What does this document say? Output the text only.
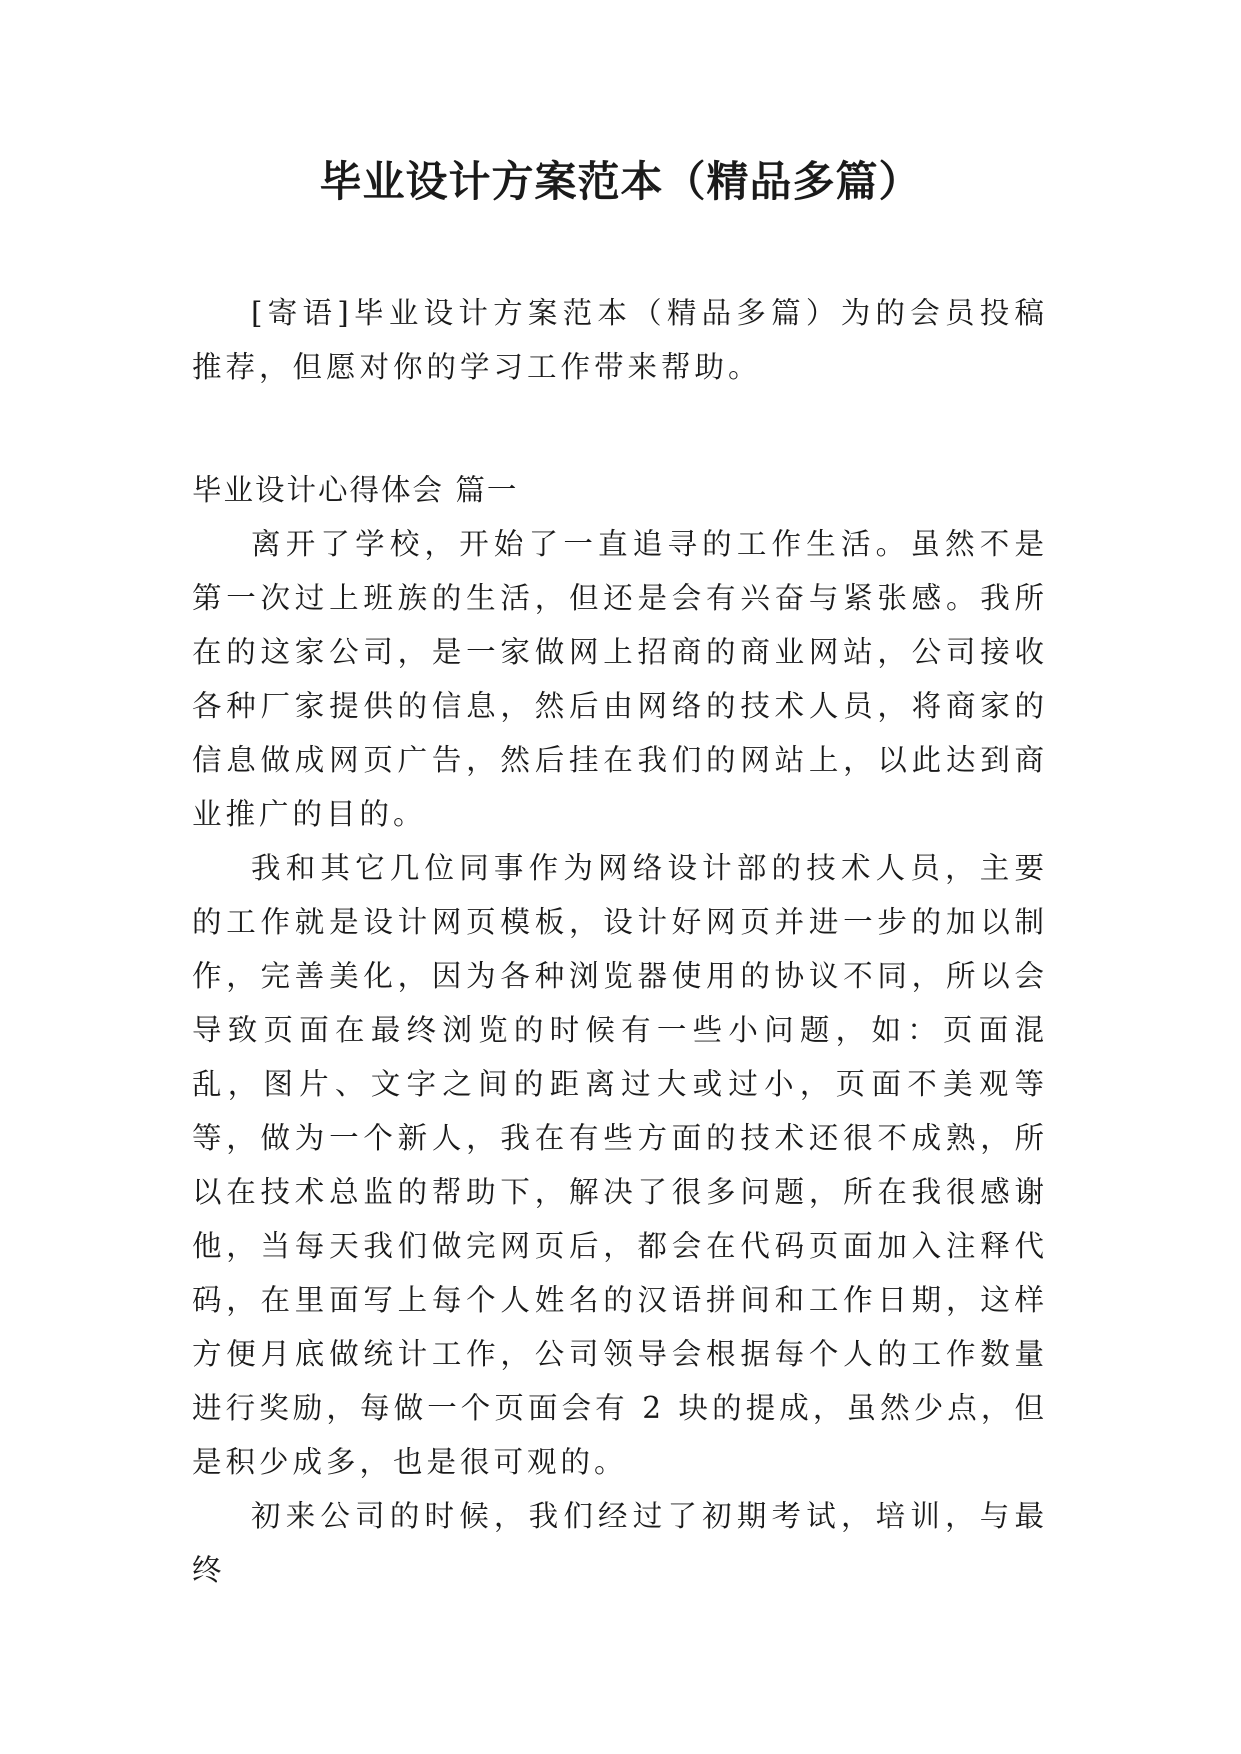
毕业设计方案范本（精品多篇）

[寄语]毕业设计方案范本（精品多篇）为的会员投稿推荐，但愿对你的学习工作带来帮助。

毕业设计心得体会 篇一

离开了学校，开始了一直追寻的工作生活。虽然不是第一次过上班族的生活，但还是会有兴奋与紧张感。我所在的这家公司，是一家做网上招商的商业网站，公司接收各种厂家提供的信息，然后由网络的技术人员，将商家的信息做成网页广告，然后挂在我们的网站上，以此达到商业推广的目的。

我和其它几位同事作为网络设计部的技术人员，主要的工作就是设计网页模板，设计好网页并进一步的加以制作，完善美化，因为各种浏览器使用的协议不同，所以会导致页面在最终浏览的时候有一些小问题，如：页面混乱，图片、文字之间的距离过大或过小，页面不美观等等，做为一个新人，我在有些方面的技术还很不成熟，所以在技术总监的帮助下，解决了很多问题，所在我很感谢他，当每天我们做完网页后，都会在代码页面加入注释代码，在里面写上每个人姓名的汉语拼间和工作日期，这样方便月底做统计工作，公司领导会根据每个人的工作数量进行奖励，每做一个页面会有 2 块的提成，虽然少点，但是积少成多，也是很可观的。

初来公司的时候，我们经过了初期考试，培训，与最终
